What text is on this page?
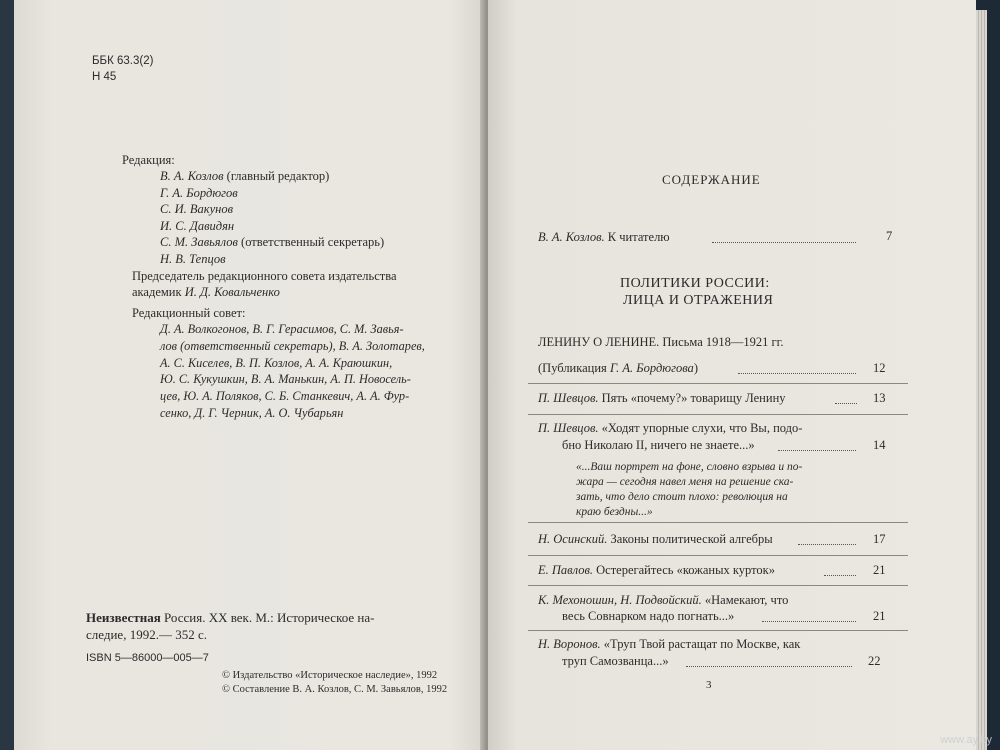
ББК 63.3(2)
Н 45
Редакция:
В. А. Козлов (главный редактор)
Г. А. Бордюгов
С. И. Вакунов
И. С. Давидян
С. М. Завьялов (ответственный секретарь)
Н. В. Тепцов
Председатель редакционного совета издательства
академик И. Д. Ковальченко
Редакционный совет:
Д. А. Волкогонов, В. Г. Герасимов, С. М. Завья-
лов (ответственный секретарь), В. А. Золотарев,
А. С. Киселев, В. П. Козлов, А. А. Краюшкин,
Ю. С. Кукушкин, В. А. Манькин, А. П. Новосель-
цев, Ю. А. Поляков, С. Б. Станкевич, А. А. Фур-
сенко, Д. Г. Черник, А. О. Чубарьян
Неизвестная Россия. XX век. М.: Историческое на-
следие, 1992.— 352 с.
ISBN 5—86000—005—7
© Издательство «Историческое наследие», 1992
© Составление В. А. Козлов, С. М. Завьялов, 1992
СОДЕРЖАНИЕ
В. А. Козлов. К читателю	7
ПОЛИТИКИ РОССИИ:
ЛИЦА И ОТРАЖЕНИЯ
ЛЕНИНУ О ЛЕНИНЕ. Письма 1918—1921 гг.
(Публикация Г. А. Бордюгова)	12
П. Шевцов. Пять «почему?» товарищу Ленину	13
П. Шевцов. «Ходят упорные слухи, что Вы, подо-
бно Николаю II, ничего не знаете...»	14
«...Ваш портрет на фоне, словно взрыва и по-
жара — сегодня навел меня на решение ска-
зать, что дело стоит плохо: революция на
краю бездны...»
Н. Осинский. Законы политической алгебры	17
Е. Павлов. Остерегайтесь «кожаных курток»	21
К. Мехоношин, Н. Подвойский. «Намекают, что
весь Совнарком надо погнать...»	21
Н. Воронов. «Труп Твой растащат по Москве, как
труп Самозванца...»	22
3
www.ay.by
